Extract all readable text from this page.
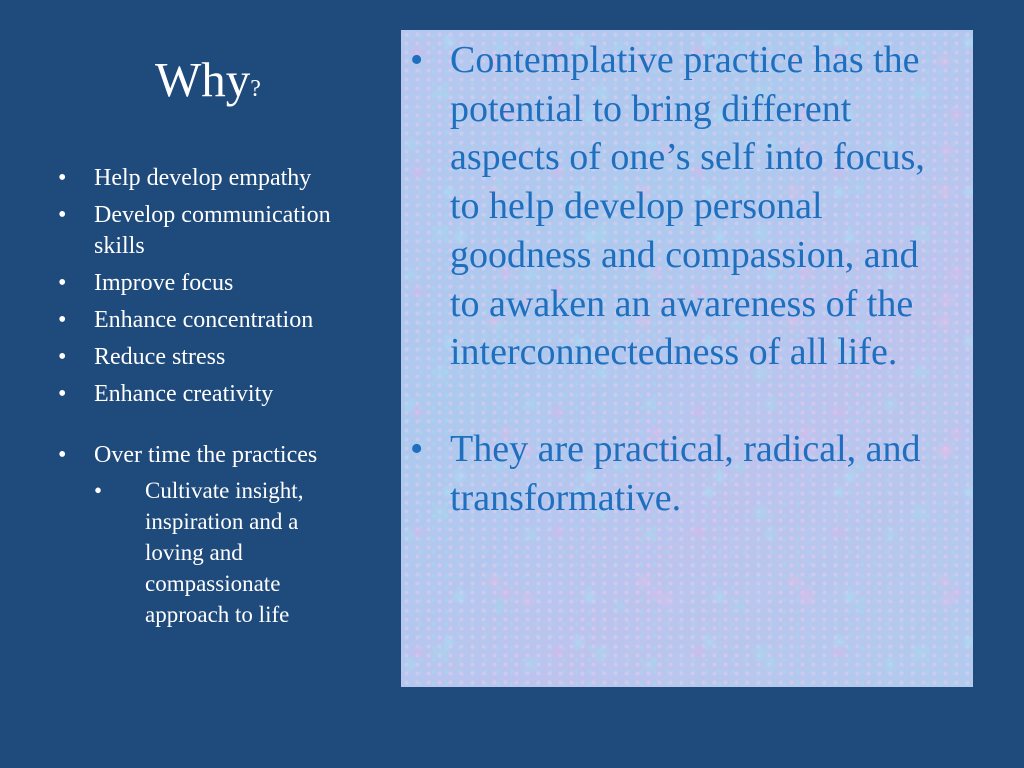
Why?
•	Help develop empathy
•	Develop communication skills
•	Improve focus
•	Enhance concentration
•	Reduce stress
•	Enhance creativity
•	Over time the practices
•	Cultivate insight, inspiration and a loving and compassionate approach to life
• Contemplative practice has the potential to bring different aspects of one’s self into focus, to help develop personal goodness and compassion, and to awaken an awareness of the interconnectedness of all life.
• They are practical, radical, and transformative.
